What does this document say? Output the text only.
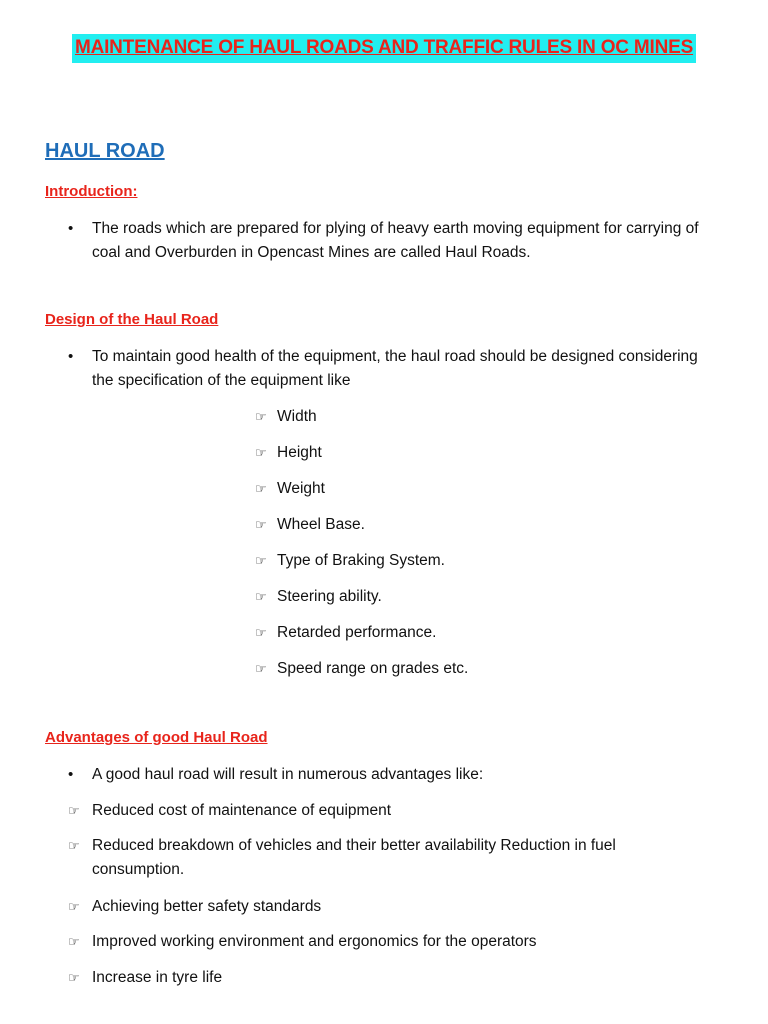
MAINTENANCE OF HAUL ROADS AND TRAFFIC RULES IN OC MINES
HAUL ROAD
Introduction:
• The roads which are prepared for plying of heavy earth moving equipment for carrying of coal and Overburden in Opencast Mines are called Haul Roads.

Design of the Haul Road
• To maintain good health of the equipment, the haul road should be designed considering the specification of the equipment like

☞ Width
☞ Height
☞ Weight
☞ Wheel Base.
☞ Type of Braking System.
☞ Steering ability.
☞ Retarded performance.
☞ Speed range on grades etc.
Advantages of good Haul Road
• A good haul road will result in numerous advantages like:

☞ Reduced cost of maintenance of equipment
☞ Reduced breakdown of vehicles and their better availability Reduction in fuel consumption.
☞ Achieving better safety standards
☞ Improved working environment and ergonomics for the operators
☞ Increase in tyre life
